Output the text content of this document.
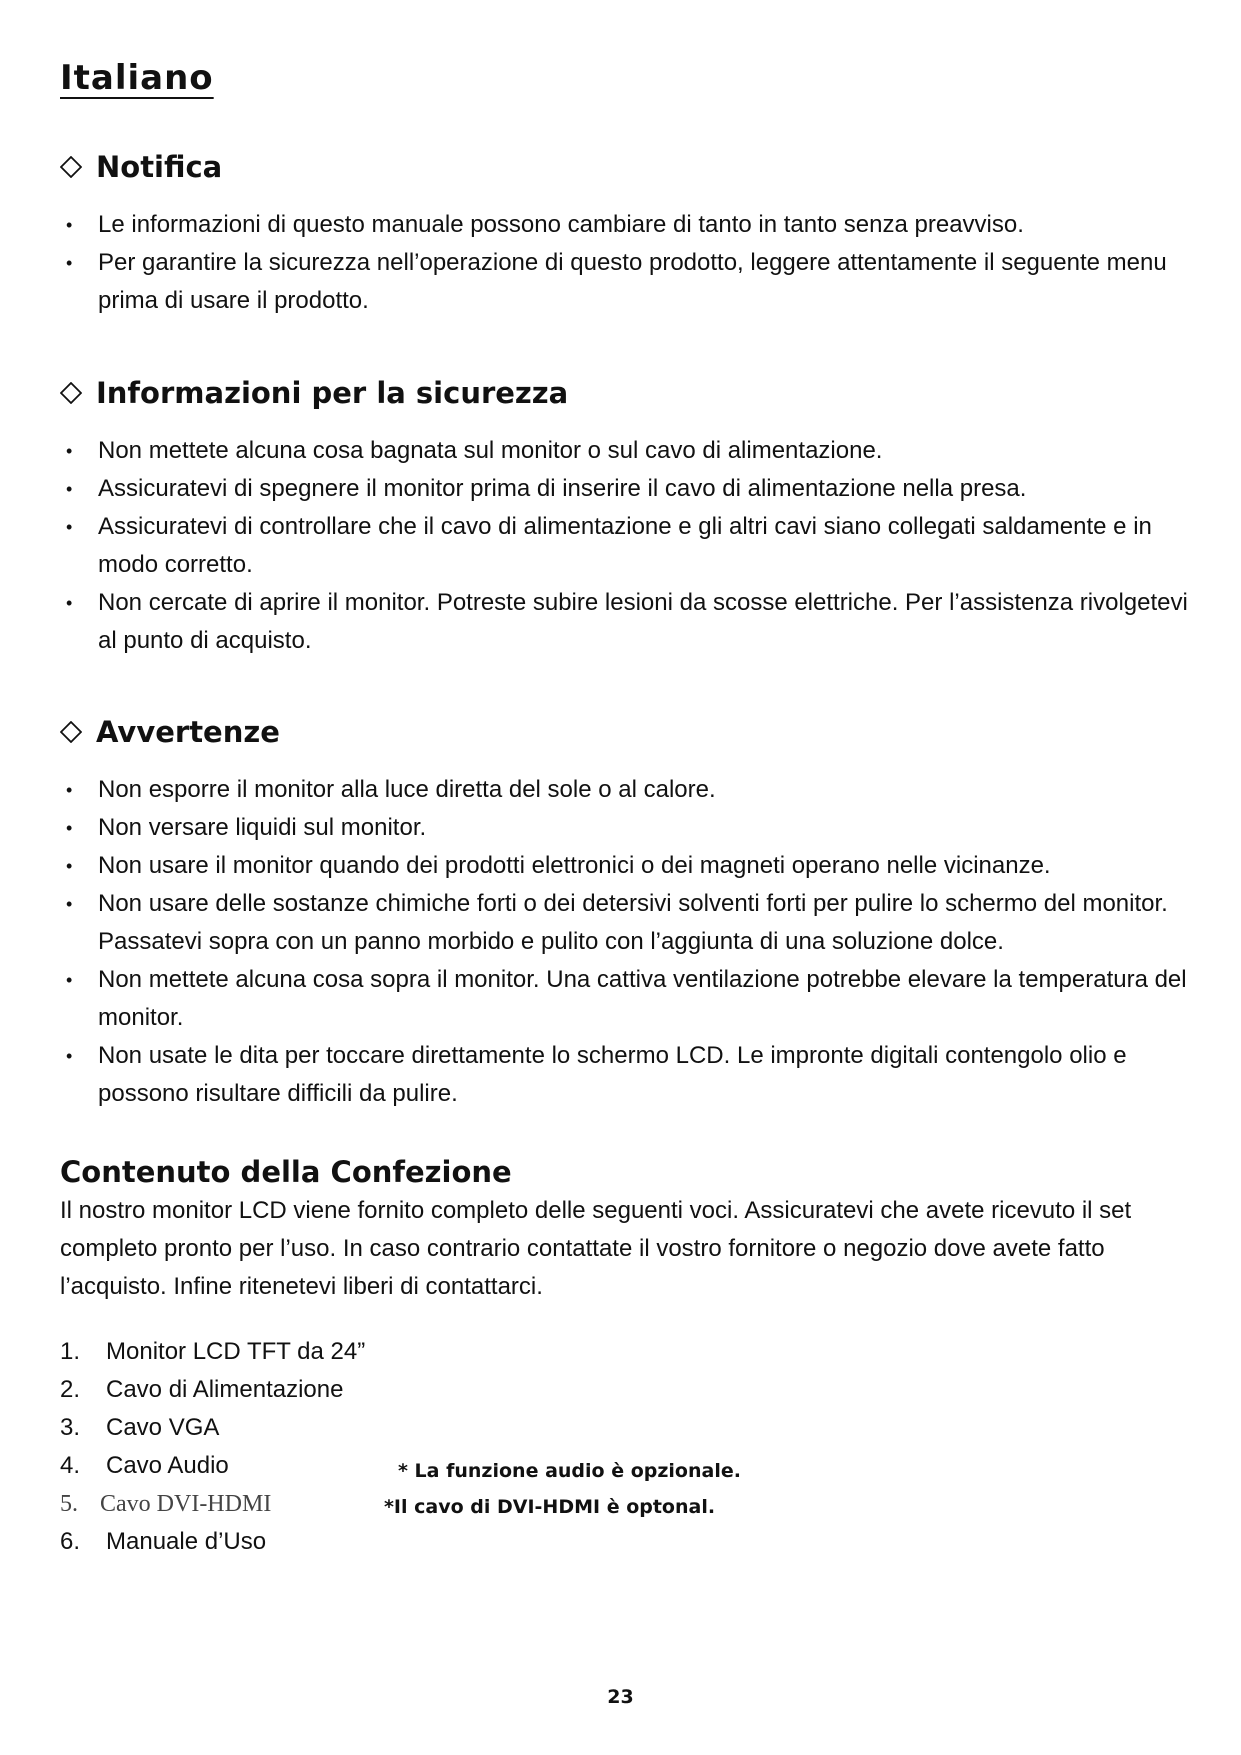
Italiano
Notifica
• Le informazioni di questo manuale possono cambiare di tanto in tanto senza preavviso.
• Per garantire la sicurezza nell’operazione di questo prodotto, leggere attentamente il seguente menu prima di usare il prodotto.
Informazioni per la sicurezza
• Non mettete alcuna cosa bagnata sul monitor o sul cavo di alimentazione.
• Assicuratevi di spegnere il monitor prima di inserire il cavo di alimentazione nella presa.
• Assicuratevi di controllare che il cavo di alimentazione e gli altri cavi siano collegati saldamente e in modo corretto.
• Non cercate di aprire il monitor. Potreste subire lesioni da scosse elettriche. Per l’assistenza rivolgetevi al punto di acquisto.
Avvertenze
• Non esporre il monitor alla luce diretta del sole o al calore.
• Non versare liquidi sul monitor.
• Non usare il monitor quando dei prodotti elettronici o dei magneti operano nelle vicinanze.
• Non usare delle sostanze chimiche forti o dei detersivi solventi forti per pulire lo schermo del monitor. Passatevi sopra con un panno morbido e pulito con l’aggiunta di una soluzione dolce.
• Non mettete alcuna cosa sopra il monitor. Una cattiva ventilazione potrebbe elevare la temperatura del monitor.
• Non usate le dita per toccare direttamente lo schermo LCD. Le impronte digitali contengolo olio e possono risultare difficili da pulire.
Contenuto della Confezione
Il nostro monitor LCD viene fornito completo delle seguenti voci. Assicuratevi che avete ricevuto il set completo pronto per l’uso. In caso contrario contattate il vostro fornitore o negozio dove avete fatto l’acquisto. Infine ritenetevi liberi di contattarci.
1. Monitor LCD TFT da 24”
2. Cavo di Alimentazione
3. Cavo VGA
4. Cavo Audio	* La funzione audio è opzionale.
5. Cavo DVI-HDMI	*Il cavo di DVI-HDMI è optonal.
6. Manuale d’Uso
23
